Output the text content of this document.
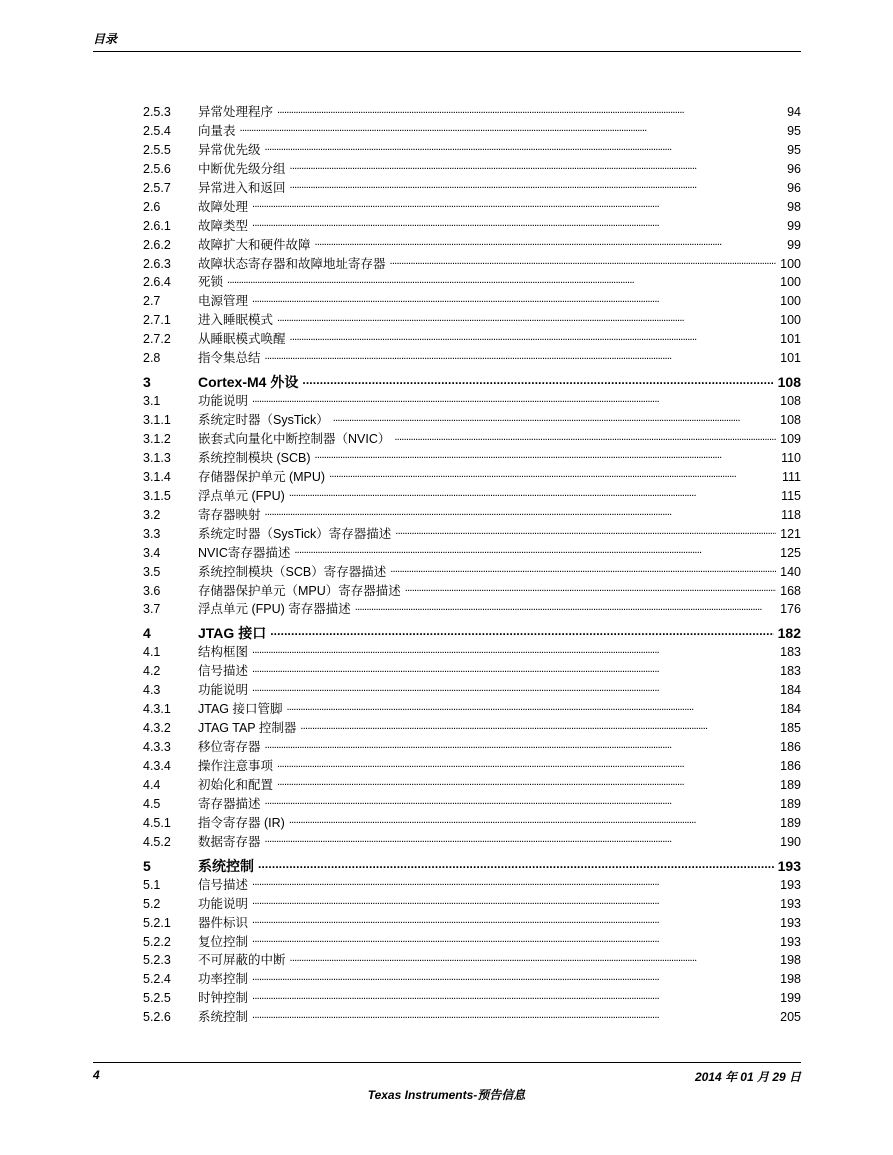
目录
2.5.3	异常处理程序 . . .	94
2.5.4	向量表 . . .	95
2.5.5	异常优先级 . . .	95
2.5.6	中断优先级分组 . . .	96
2.5.7	异常进入和返回 . . .	96
2.6	故障处理 . . .	98
2.6.1	故障类型 . . .	99
2.6.2	故障扩大和硬件故障 . . .	99
2.6.3	故障状态寄存器和故障地址寄存器 . . .	100
2.6.4	死锁 . . .	100
2.7	电源管理 . . .	100
2.7.1	进入睡眠模式 . . .	100
2.7.2	从睡眠模式唤醒 . . .	101
2.8	指令集总结 . . .	101
3	Cortex-M4 外设 . . .	108
3.1	功能说明 . . .	108
3.1.1	系统定时器（SysTick） . . .	108
3.1.2	嵌套式向量化中断控制器（NVIC） . . .	109
3.1.3	系统控制模块 (SCB) . . .	110
3.1.4	存储器保护单元 (MPU) . . .	111
3.1.5	浮点单元 (FPU) . . .	115
3.2	寄存器映射 . . .	118
3.3	系统定时器（SysTick）寄存器描述 . . .	121
3.4	NVIC寄存器描述 . . .	125
3.5	系统控制模块（SCB）寄存器描述 . . .	140
3.6	存储器保护单元（MPU）寄存器描述 . . .	168
3.7	浮点单元 (FPU) 寄存器描述 . . .	176
4	JTAG 接口 . . .	182
4.1	结构框图 . . .	183
4.2	信号描述 . . .	183
4.3	功能说明 . . .	184
4.3.1	JTAG 接口管脚 . . .	184
4.3.2	JTAG TAP 控制器 . . .	185
4.3.3	移位寄存器 . . .	186
4.3.4	操作注意事项 . . .	186
4.4	初始化和配置 . . .	189
4.5	寄存器描述 . . .	189
4.5.1	指令寄存器 (IR) . . .	189
4.5.2	数据寄存器 . . .	190
5	系统控制 . . .	193
5.1	信号描述 . . .	193
5.2	功能说明 . . .	193
5.2.1	器件标识 . . .	193
5.2.2	复位控制 . . .	193
5.2.3	不可屏蔽的中断 . . .	198
5.2.4	功率控制 . . .	198
5.2.5	时钟控制 . . .	199
5.2.6	系统控制 . . .	205
4	2014 年 01 月 29 日
Texas Instruments-预告信息
